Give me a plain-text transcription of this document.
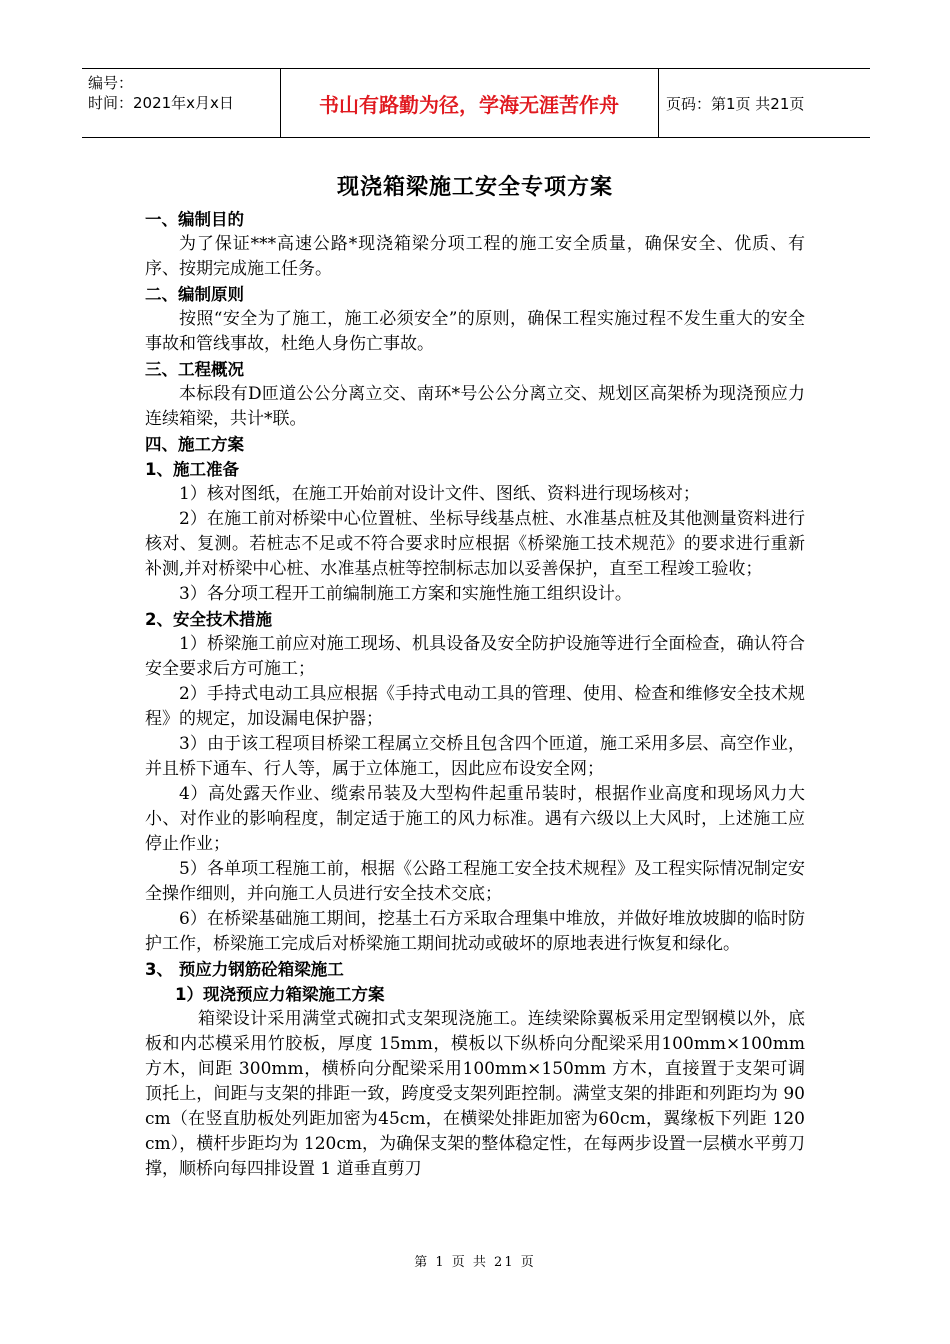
编号：
时间：2021年x月x日	书山有路勤为径，学海无涯苦作舟	页码：第1页 共21页
现浇箱梁施工安全专项方案

一、编制目的

为了保证***高速公路*现浇箱梁分项工程的施工安全质量，确保安全、优质、有序、按期完成施工任务。

二、编制原则

按照“安全为了施工，施工必须安全”的原则，确保工程实施过程不发生重大的安全事故和管线事故，杜绝人身伤亡事故。

三、工程概况

本标段有D匝道公公分离立交、南环*号公公分离立交、规划区高架桥为现浇预应力连续箱梁，共计*联。

四、施工方案

1、施工准备

1）核对图纸，在施工开始前对设计文件、图纸、资料进行现场核对；

2）在施工前对桥梁中心位置桩、坐标导线基点桩、水准基点桩及其他测量资料进行核对、复测。若桩志不足或不符合要求时应根据《桥梁施工技术规范》的要求进行重新补测,并对桥梁中心桩、水准基点桩等控制标志加以妥善保护，直至工程竣工验收；

3）各分项工程开工前编制施工方案和实施性施工组织设计。

2、安全技术措施

1）桥梁施工前应对施工现场、机具设备及安全防护设施等进行全面检查，确认符合安全要求后方可施工；

2）手持式电动工具应根据《手持式电动工具的管理、使用、检查和维修安全技术规程》的规定，加设漏电保护器；

3）由于该工程项目桥梁工程属立交桥且包含四个匝道，施工采用多层、高空作业，并且桥下通车、行人等，属于立体施工，因此应布设安全网；

4）高处露天作业、缆索吊装及大型构件起重吊装时，根据作业高度和现场风力大小、对作业的影响程度，制定适于施工的风力标准。遇有六级以上大风时，上述施工应停止作业；

5）各单项工程施工前，根据《公路工程施工安全技术规程》及工程实际情况制定安全操作细则，并向施工人员进行安全技术交底；

6）在桥梁基础施工期间，挖基土石方采取合理集中堆放，并做好堆放坡脚的临时防护工作，桥梁施工完成后对桥梁施工期间扰动或破坏的原地表进行恢复和绿化。

3、 预应力钢筋砼箱梁施工

1）现浇预应力箱梁施工方案

箱梁设计采用满堂式碗扣式支架现浇施工。连续梁除翼板采用定型钢模以外，底板和内芯模采用竹胶板，厚度 15mm，模板以下纵桥向分配梁采用100mm×100mm 方木，间距 300mm，横桥向分配梁采用100mm×150mm 方木，直接置于支架可调顶托上，间距与支架的排距一致，跨度受支架列距控制。满堂支架的排距和列距均为 90cm（在竖直肋板处列距加密为45cm，在横梁处排距加密为60cm，翼缘板下列距 120cm），横杆步距均为 120cm，为确保支架的整体稳定性，在每两步设置一层横水平剪刀撑，顺桥向每四排设置 1 道垂直剪刀

第 1 页 共 21 页
